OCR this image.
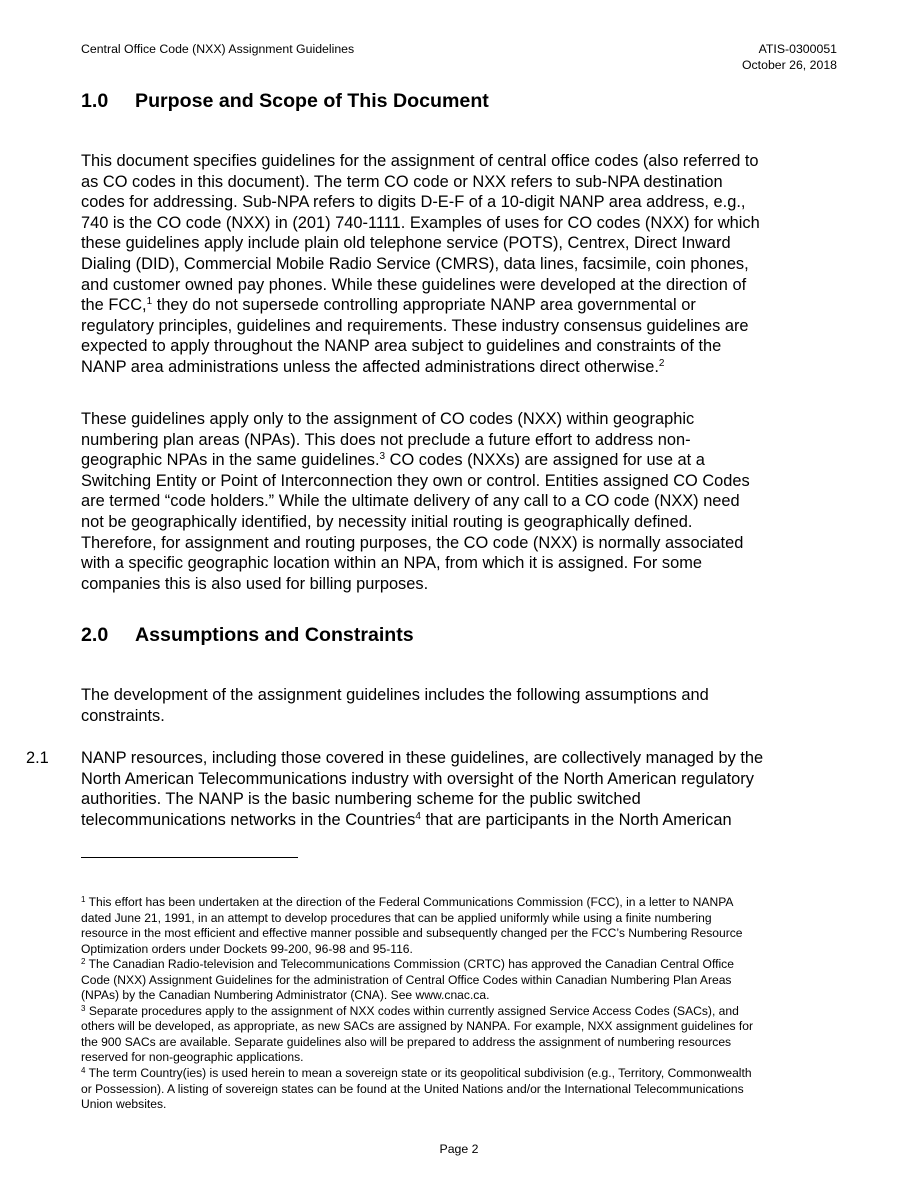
Central Office Code (NXX) Assignment Guidelines	ATIS-0300051
October 26, 2018
1.0 Purpose and Scope of This Document
This document specifies guidelines for the assignment of central office codes (also referred to
as CO codes in this document). The term CO code or NXX refers to sub-NPA destination
codes for addressing. Sub-NPA refers to digits D-E-F of a 10-digit NANP area address, e.g.,
740 is the CO code (NXX) in (201) 740-1111. Examples of uses for CO codes (NXX) for which
these guidelines apply include plain old telephone service (POTS), Centrex, Direct Inward
Dialing (DID), Commercial Mobile Radio Service (CMRS), data lines, facsimile, coin phones,
and customer owned pay phones. While these guidelines were developed at the direction of
the FCC,$^1$ they do not supersede controlling appropriate NANP area governmental or
regulatory principles, guidelines and requirements. These industry consensus guidelines are
expected to apply throughout the NANP area subject to guidelines and constraints of the
NANP area administrations unless the affected administrations direct otherwise.$^2$
These guidelines apply only to the assignment of CO codes (NXX) within geographic
numbering plan areas (NPAs). This does not preclude a future effort to address non-
geographic NPAs in the same guidelines.$^3$ CO codes (NXXs) are assigned for use at a
Switching Entity or Point of Interconnection they own or control. Entities assigned CO Codes
are termed “code holders.” While the ultimate delivery of any call to a CO code (NXX) need
not be geographically identified, by necessity initial routing is geographically defined.
Therefore, for assignment and routing purposes, the CO code (NXX) is normally associated
with a specific geographic location within an NPA, from which it is assigned. For some
companies this is also used for billing purposes.
2.0 Assumptions and Constraints
The development of the assignment guidelines includes the following assumptions and
constraints.
2.1 NANP resources, including those covered in these guidelines, are collectively managed by the
North American Telecommunications industry with oversight of the North American regulatory
authorities. The NANP is the basic numbering scheme for the public switched
telecommunications networks in the Countries$^4$ that are participants in the North American
$^1$ This effort has been undertaken at the direction of the Federal Communications Commission (FCC), in a letter to NANPA
dated June 21, 1991, in an attempt to develop procedures that can be applied uniformly while using a finite numbering
resource in the most efficient and effective manner possible and subsequently changed per the FCC’s Numbering Resource
Optimization orders under Dockets 99-200, 96-98 and 95-116.
$^2$ The Canadian Radio-television and Telecommunications Commission (CRTC) has approved the Canadian Central Office
Code (NXX) Assignment Guidelines for the administration of Central Office Codes within Canadian Numbering Plan Areas
(NPAs) by the Canadian Numbering Administrator (CNA). See www.cnac.ca.
$^3$ Separate procedures apply to the assignment of NXX codes within currently assigned Service Access Codes (SACs), and
others will be developed, as appropriate, as new SACs are assigned by NANPA. For example, NXX assignment guidelines for
the 900 SACs are available. Separate guidelines also will be prepared to address the assignment of numbering resources
reserved for non-geographic applications.
$^4$ The term Country(ies) is used herein to mean a sovereign state or its geopolitical subdivision (e.g., Territory, Commonwealth
or Possession). A listing of sovereign states can be found at the United Nations and/or the International Telecommunications
Union websites.
Page 2
